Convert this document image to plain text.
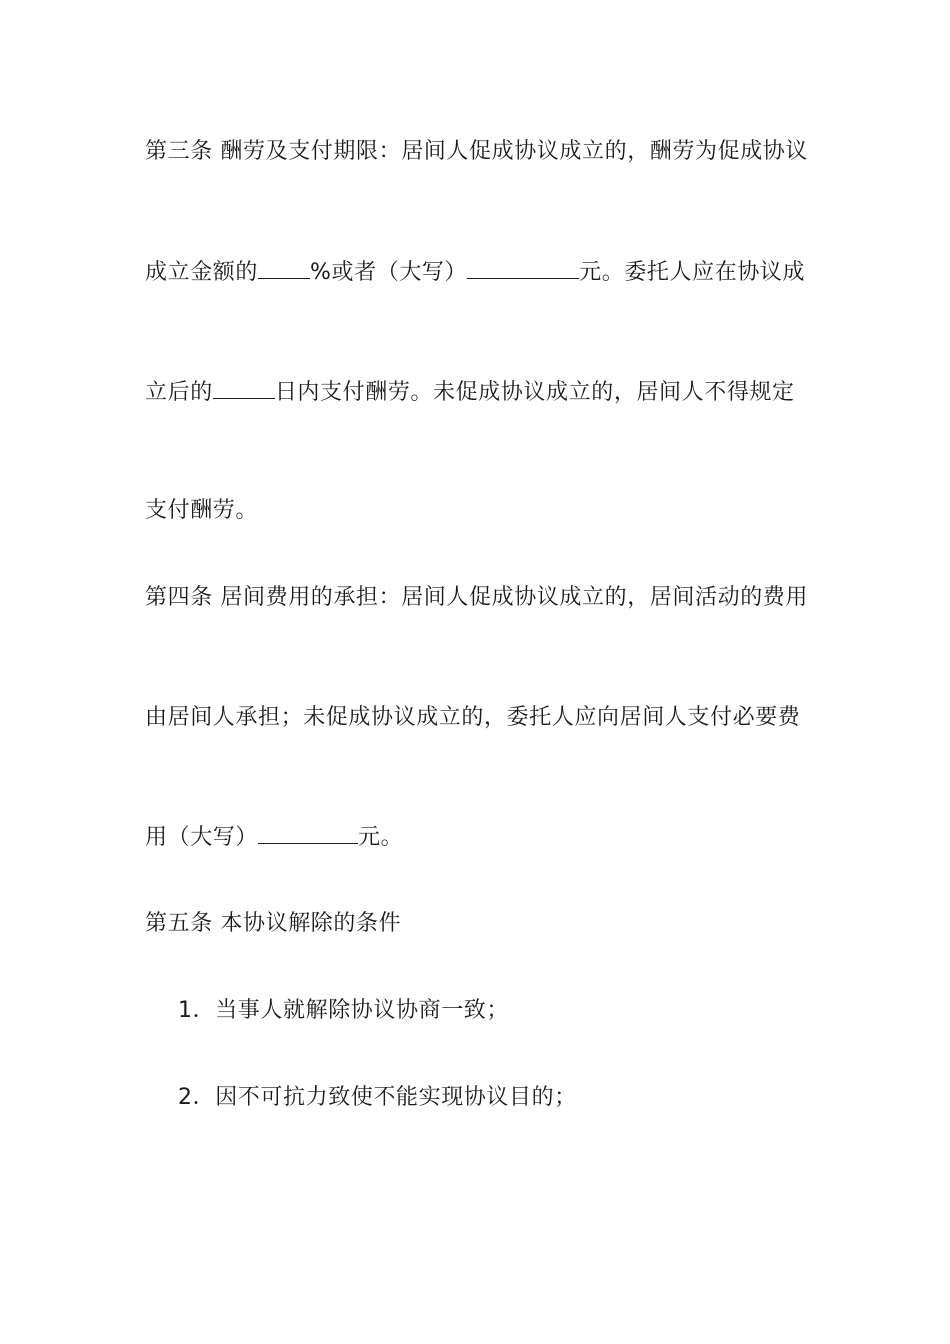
第三条 酬劳及支付期限：居间人促成协议成立的，酬劳为促成协议
成立金额的 %或者（大写）	元。委托人应在协议成
立后的	日内支付酬劳。未促成协议成立的，居间人不得规定
支付酬劳。
第四条 居间费用的承担：居间人促成协议成立的，居间活动的费用
由居间人承担；未促成协议成立的，委托人应向居间人支付必要费
用（大写）	元。
第五条 本协议解除的条件
1．当事人就解除协议协商一致；
2．因不可抗力致使不能实现协议目的；
